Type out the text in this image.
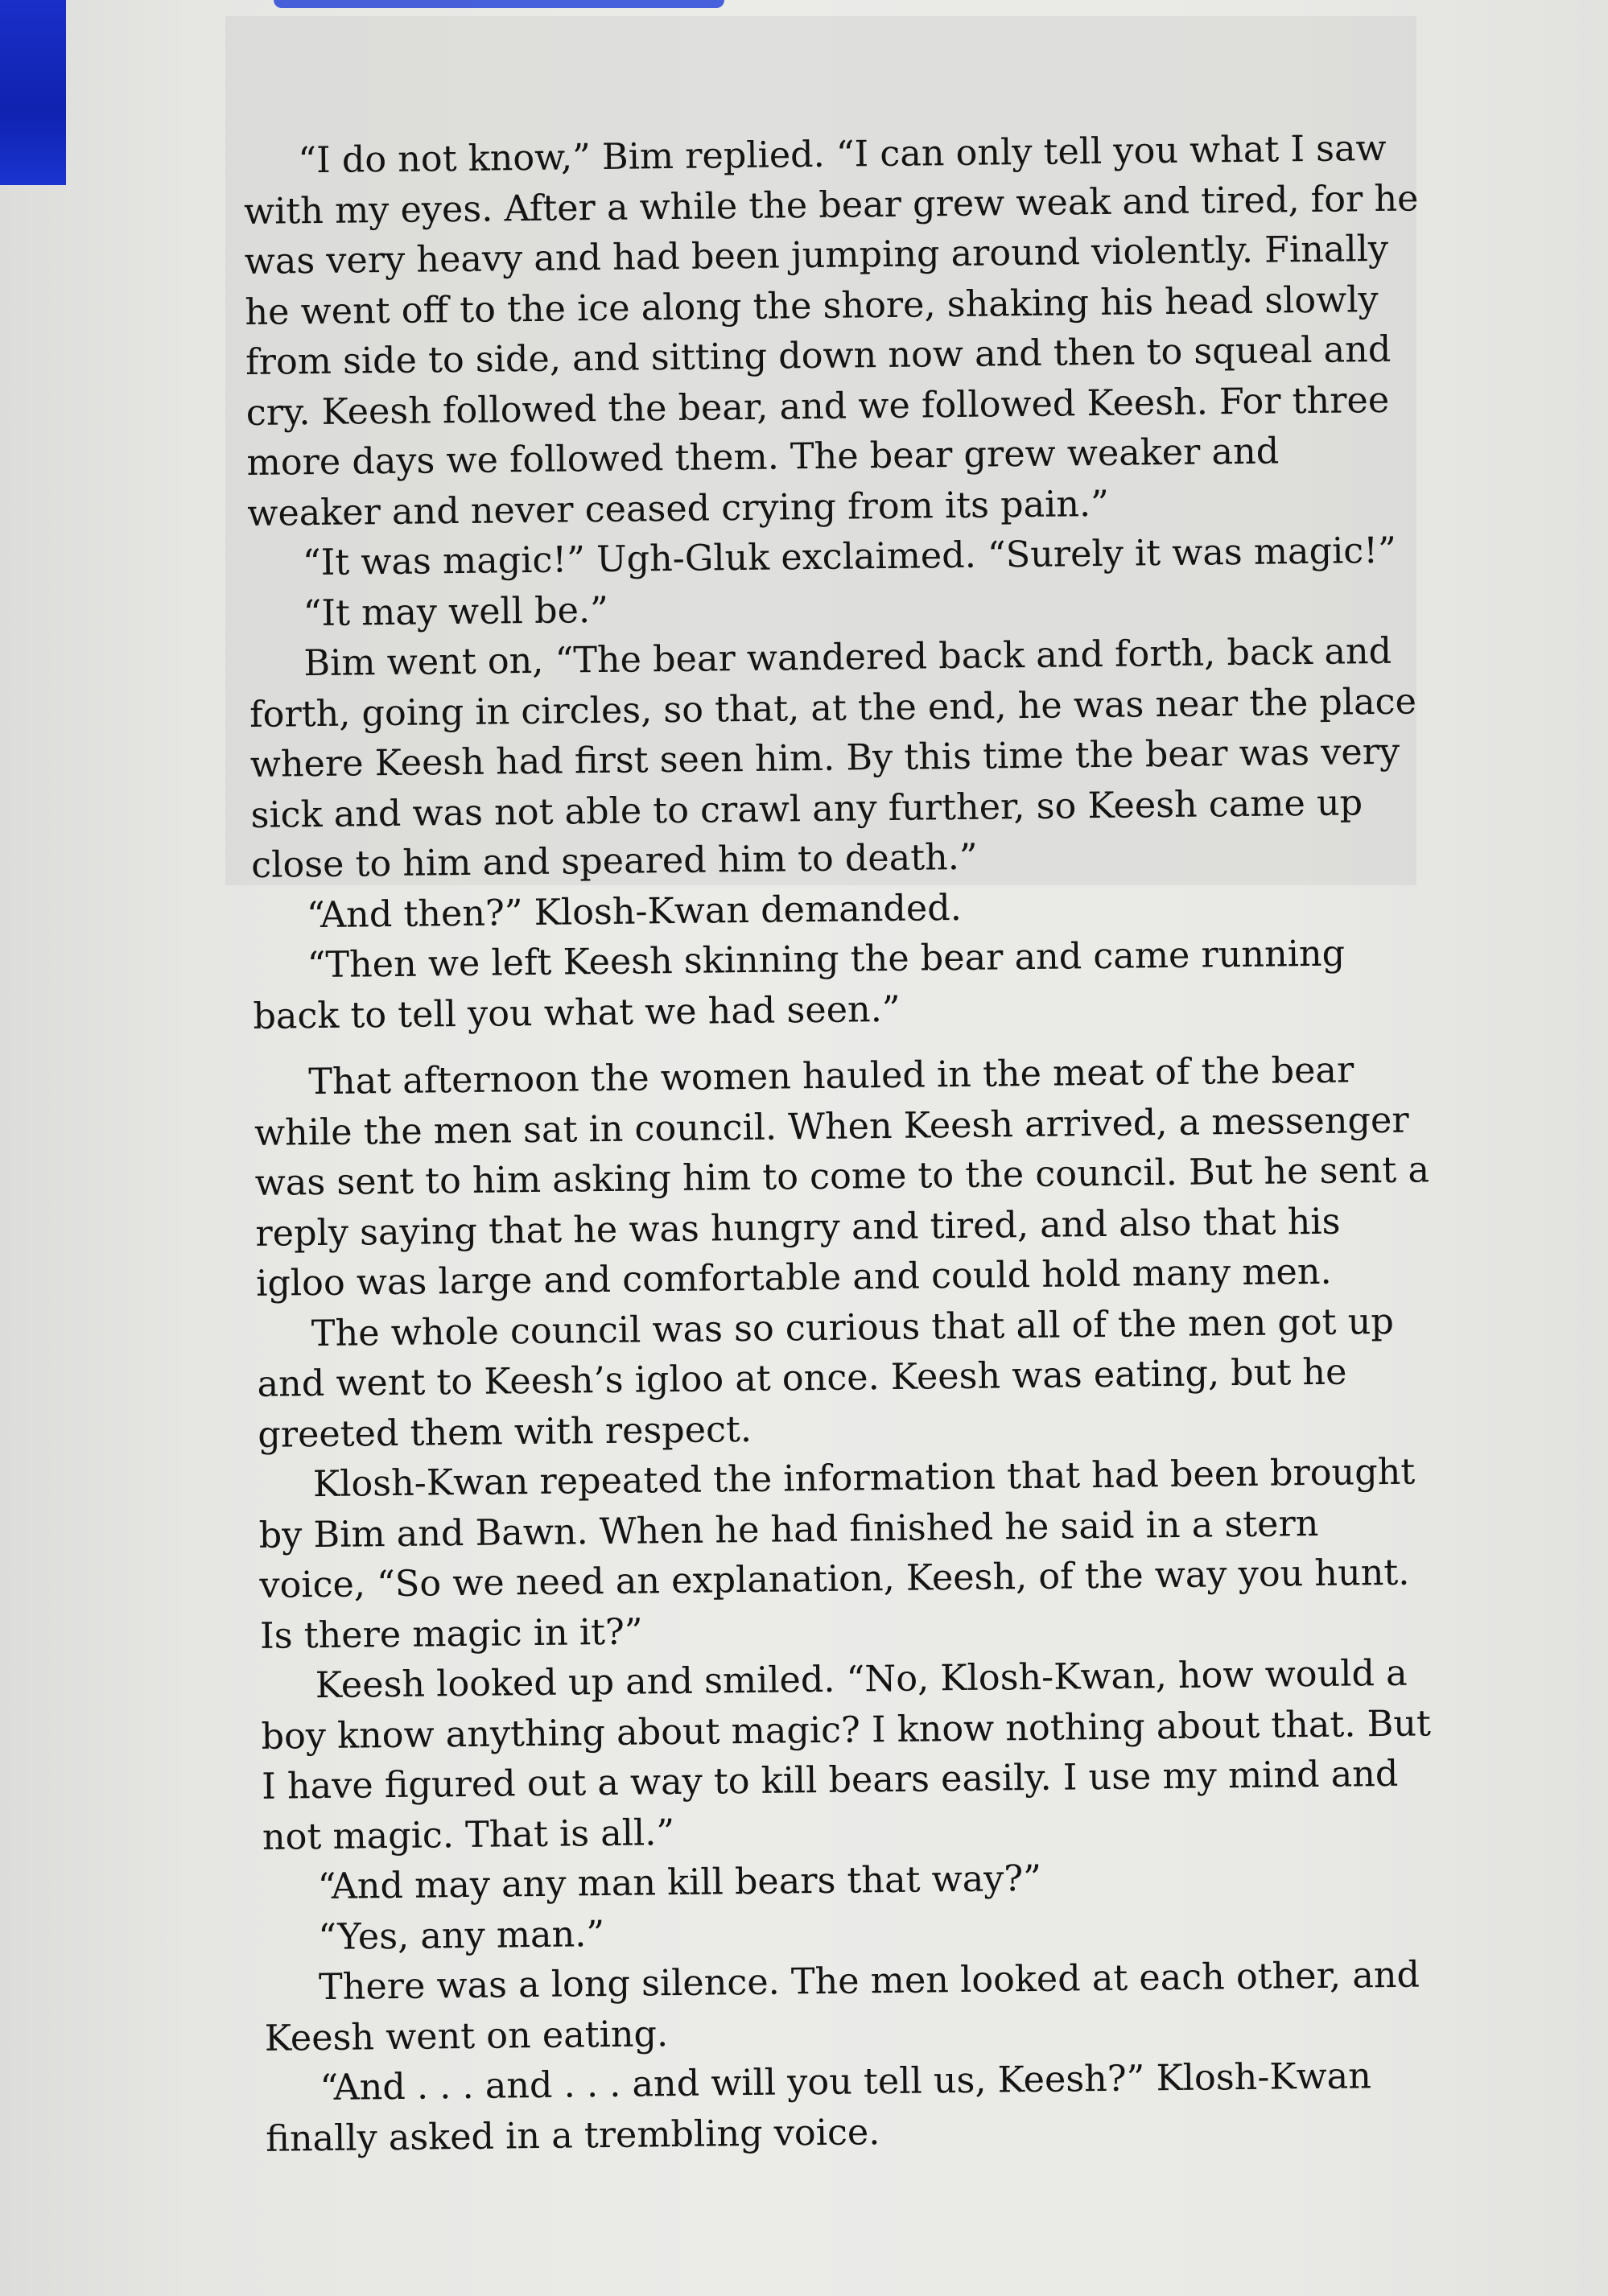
“I do not know,” Bim replied. “I can only tell you what I saw with my eyes. After a while the bear grew weak and tired, for he was very heavy and had been jumping around violently. Finally he went off to the ice along the shore, shaking his head slowly from side to side, and sitting down now and then to squeal and cry. Keesh followed the bear, and we followed Keesh. For three more days we followed them. The bear grew weaker and weaker and never ceased crying from its pain.”

“It was magic!” Ugh-Gluk exclaimed. “Surely it was magic!”

“It may well be.”

Bim went on, “The bear wandered back and forth, back and forth, going in circles, so that, at the end, he was near the place where Keesh had first seen him. By this time the bear was very sick and was not able to crawl any further, so Keesh came up close to him and speared him to death.”

“And then?” Klosh-Kwan demanded.

“Then we left Keesh skinning the bear and came running back to tell you what we had seen.”

That afternoon the women hauled in the meat of the bear while the men sat in council. When Keesh arrived, a messenger was sent to him asking him to come to the council. But he sent a reply saying that he was hungry and tired, and also that his igloo was large and comfortable and could hold many men.

The whole council was so curious that all of the men got up and went to Keesh’s igloo at once. Keesh was eating, but he greeted them with respect.

Klosh-Kwan repeated the information that had been brought by Bim and Bawn. When he had finished he said in a stern voice, “So we need an explanation, Keesh, of the way you hunt. Is there magic in it?”

Keesh looked up and smiled. “No, Klosh-Kwan, how would a boy know anything about magic? I know nothing about that. But I have figured out a way to kill bears easily. I use my mind and not magic. That is all.”

“And may any man kill bears that way?”

“Yes, any man.”

There was a long silence. The men looked at each other, and Keesh went on eating.

“And . . . and . . . and will you tell us, Keesh?” Klosh-Kwan finally asked in a trembling voice.
